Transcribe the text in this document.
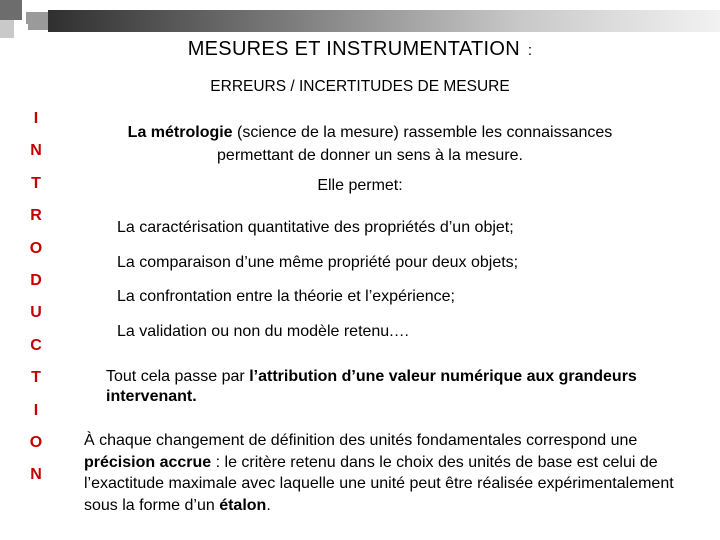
MESURES ET INSTRUMENTATION :
ERREURS / INCERTITUDES DE MESURE
I
N
T
R
O
D
U
C
T
I
O
N
La métrologie (science de la mesure) rassemble les connaissances permettant de donner un sens à la mesure.
Elle permet:
La caractérisation quantitative des propriétés d’un objet;
La comparaison d’une même propriété pour deux objets;
La confrontation entre la théorie et l’expérience;
La validation ou non du modèle retenu.…
Tout cela passe par l’attribution d’une valeur numérique aux grandeurs intervenant.
À chaque changement de définition des unités fondamentales correspond une précision accrue : le critère retenu dans le choix des unités de base est celui de l’exactitude maximale avec laquelle une unité peut être réalisée expérimentalement sous la forme d’un étalon.
